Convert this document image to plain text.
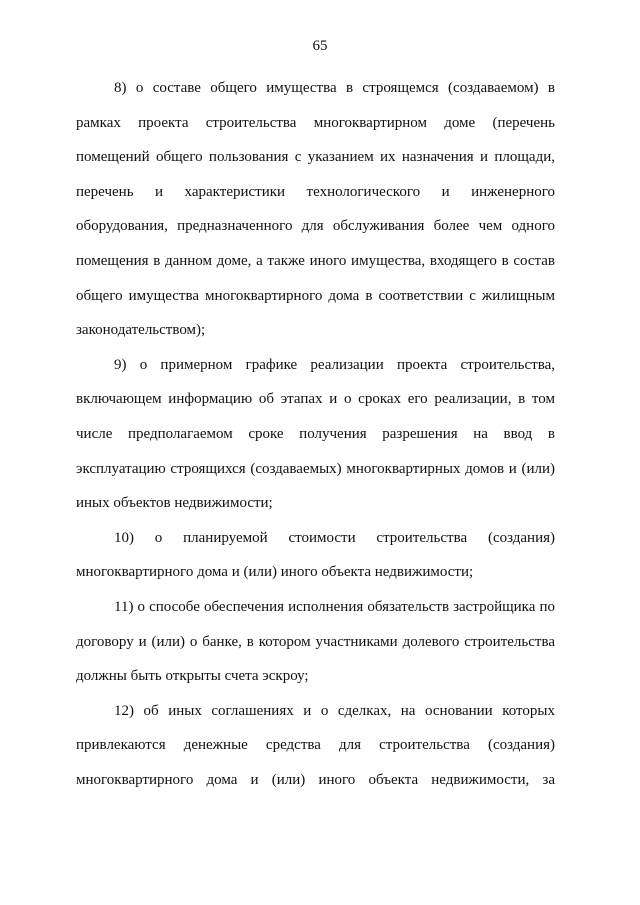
65

8) о составе общего имущества в строящемся (создаваемом) в рамках проекта строительства многоквартирном доме (перечень помещений общего пользования с указанием их назначения и площади, перечень и характеристики технологического и инженерного оборудования, предназначенного для обслуживания более чем одного помещения в данном доме, а также иного имущества, входящего в состав общего имущества многоквартирного дома в соответствии с жилищным законодательством);

9) о примерном графике реализации проекта строительства, включающем информацию об этапах и о сроках его реализации, в том числе предполагаемом сроке получения разрешения на ввод в эксплуатацию строящихся (создаваемых) многоквартирных домов и (или) иных объектов недвижимости;

10) о планируемой стоимости строительства (создания) многоквартирного дома и (или) иного объекта недвижимости;

11) о способе обеспечения исполнения обязательств застройщика по договору и (или) о банке, в котором участниками долевого строительства должны быть открыты счета эскроу;

12) об иных соглашениях и о сделках, на основании которых привлекаются денежные средства для строительства (создания) многоквартирного дома и (или) иного объекта недвижимости, за
